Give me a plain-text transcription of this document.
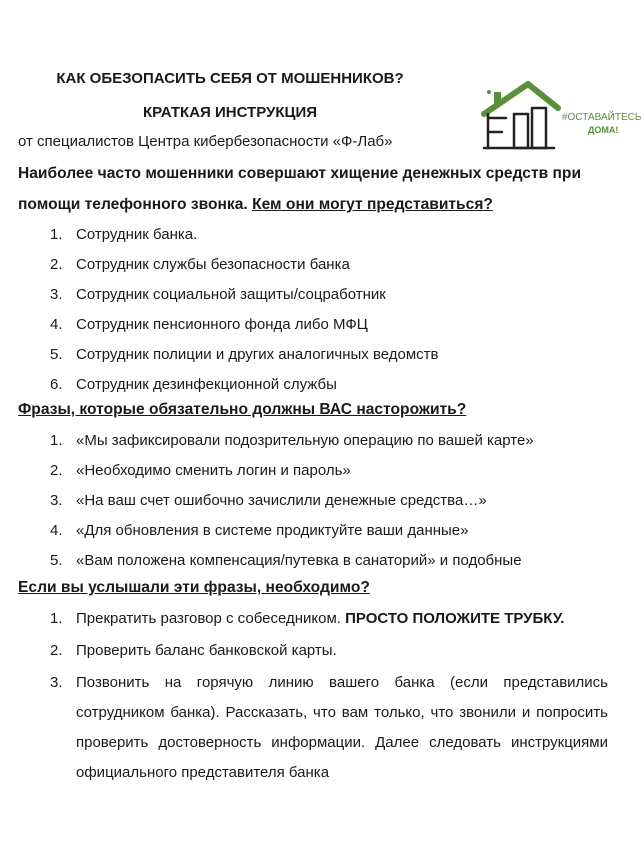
КАК ОБЕЗОПАСИТЬ СЕБЯ ОТ МОШЕННИКОВ?
КРАТКАЯ ИНСТРУКЦИЯ
от специалистов Центра кибербезопасности «Ф-Лаб»
#ОСТАВАЙТЕСЬ
ДОМА!
Наиболее часто мошенники совершают хищение денежных средств при помощи телефонного звонка. Кем они могут представиться?
1. Сотрудник банка.
2. Сотрудник службы безопасности банка
3. Сотрудник социальной защиты/соцработник
4. Сотрудник пенсионного фонда либо МФЦ
5. Сотрудник полиции и других аналогичных ведомств
6. Сотрудник дезинфекционной службы
Фразы, которые обязательно должны ВАС насторожить?
1. «Мы зафиксировали подозрительную операцию по вашей карте»
2. «Необходимо сменить логин и пароль»
3. «На ваш счет ошибочно зачислили денежные средства…»
4. «Для обновления в системе продиктуйте ваши данные»
5. «Вам положена компенсация/путевка в санаторий» и подобные
Если вы услышали эти фразы, необходимо?
1. Прекратить разговор с собеседником. ПРОСТО ПОЛОЖИТЕ ТРУБКУ.
2. Проверить баланс банковской карты.
3. Позвонить на горячую линию вашего банка (если представились сотрудником банка). Рассказать, что вам только, что звонили и попросить проверить достоверность информации. Далее следовать инструкциями официального представителя банка
